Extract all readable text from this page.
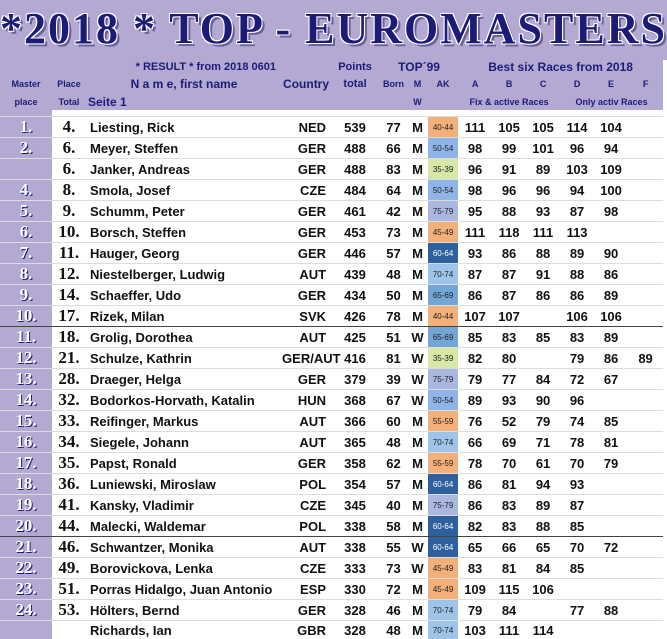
*2018 * TOP - EUROMASTERS
* RESULT * from 2018 0601				Points	TOP´99			Best six Races from 2018					
Master	Place	N a m e, first name	Country	total	Born	M	AK	A	B	C	D	E	F
place	Total	Seite 1				W		Fix & active Races			Only activ Races		

1.	4.	Liesting, Rick	NED	539	77	M	40-44	111	105	105	114	104	
2.	6.	Meyer, Steffen	GER	488	66	M	50-54	98	99	101	96	94	
	6.	Janker, Andreas	GER	488	83	M	35-39	96	91	89	103	109	
4.	8.	Smola, Josef	CZE	484	64	M	50-54	98	96	96	94	100	
5.	9.	Schumm, Peter	GER	461	42	M	75-79	95	88	93	87	98	
6.	10.	Borsch, Steffen	GER	453	73	M	45-49	111	118	111	113		
7.	11.	Hauger, Georg	GER	446	57	M	60-64	93	86	88	89	90	
8.	12.	Niestelberger, Ludwig	AUT	439	48	M	70-74	87	87	91	88	86	
9.	14.	Schaeffer, Udo	GER	434	50	M	65-69	86	87	86	86	89	
10.	17.	Rizek, Milan	SVK	426	78	M	40-44	107	107		106	106	
11.	18.	Grolig, Dorothea	AUT	425	51	W	65-69	85	83	85	83	89	
12.	21.	Schulze, Kathrin	GER/AUT	416	81	W	35-39	82	80		79	86	89
13.	28.	Draeger, Helga	GER	379	39	W	75-79	79	77	84	72	67	
14.	32.	Bodorkos-Horvath, Katalin	HUN	368	67	W	50-54	89	93	90	96		
15.	33.	Reifinger, Markus	AUT	366	60	M	55-59	76	52	79	74	85	
16.	34.	Siegele, Johann	AUT	365	48	M	70-74	66	69	71	78	81	
17.	35.	Papst, Ronald	GER	358	62	M	55-59	78	70	61	70	79	
18.	36.	Luniewski, Miroslaw	POL	354	57	M	60-64	86	81	94	93		
19.	41.	Kansky, Vladimir	CZE	345	40	M	75-79	86	83	89	87		
20.	44.	Malecki, Waldemar	POL	338	58	M	60-64	82	83	88	85		
21.	46.	Schwantzer, Monika	AUT	338	55	W	60-64	65	66	65	70	72	
22.	49.	Borovickova, Lenka	CZE	333	73	W	45-49	83	81	84	85		
23.	51.	Porras Hidalgo, Juan Antonio	ESP	330	72	M	45-49	109	115	106			
24.	53.	Hölters, Bernd	GER	328	46	M	70-74	79	84		77	88	
		Richards, Ian	GBR	328	48	M	70-74	103	111	114			
